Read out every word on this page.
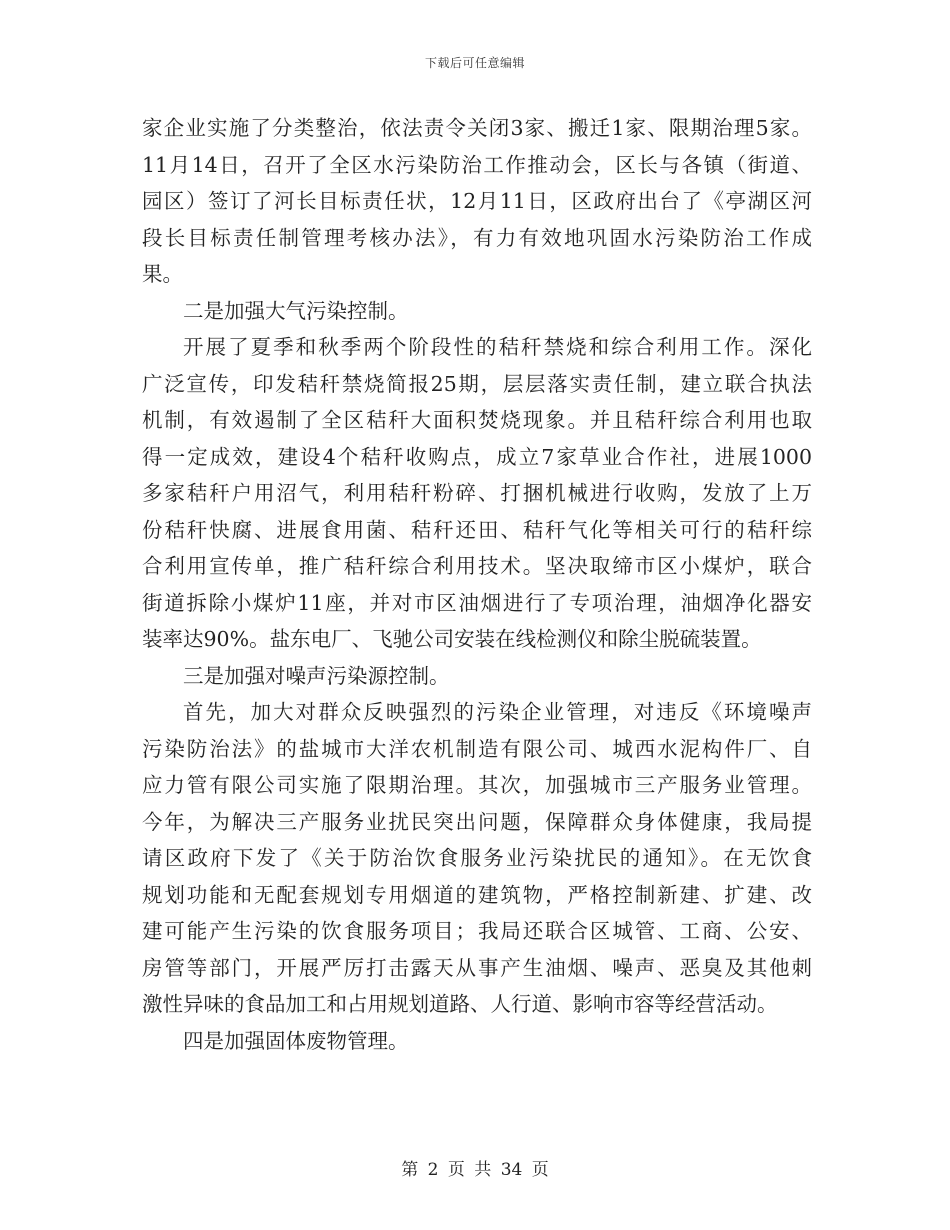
下载后可任意编辑
家企业实施了分类整治，依法责令关闭3家、搬迁1家、限期治理5家。
11月14日，召开了全区水污染防治工作推动会，区长与各镇（街道、
园区）签订了河长目标责任状，12月11日，区政府出台了《亭湖区河
段长目标责任制管理考核办法》，有力有效地巩固水污染防治工作成
果。
二是加强大气污染控制。
开展了夏季和秋季两个阶段性的秸秆禁烧和综合利用工作。深化
广泛宣传，印发秸秆禁烧简报25期，层层落实责任制，建立联合执法
机制，有效遏制了全区秸秆大面积焚烧现象。并且秸秆综合利用也取
得一定成效，建设4个秸秆收购点，成立7家草业合作社，进展1000
多家秸秆户用沼气，利用秸秆粉碎、打捆机械进行收购，发放了上万
份秸秆快腐、进展食用菌、秸秆还田、秸秆气化等相关可行的秸秆综
合利用宣传单，推广秸秆综合利用技术。坚决取缔市区小煤炉，联合
街道拆除小煤炉11座，并对市区油烟进行了专项治理，油烟净化器安
装率达90%。盐东电厂、飞驰公司安装在线检测仪和除尘脱硫装置。
三是加强对噪声污染源控制。
首先，加大对群众反映强烈的污染企业管理，对违反《环境噪声
污染防治法》的盐城市大洋农机制造有限公司、城西水泥构件厂、自
应力管有限公司实施了限期治理。其次，加强城市三产服务业管理。
今年，为解决三产服务业扰民突出问题，保障群众身体健康，我局提
请区政府下发了《关于防治饮食服务业污染扰民的通知》。在无饮食
规划功能和无配套规划专用烟道的建筑物，严格控制新建、扩建、改
建可能产生污染的饮食服务项目；我局还联合区城管、工商、公安、
房管等部门，开展严厉打击露天从事产生油烟、噪声、恶臭及其他刺
激性异味的食品加工和占用规划道路、人行道、影响市容等经营活动。
四是加强固体废物管理。
第 2 页 共 34 页
